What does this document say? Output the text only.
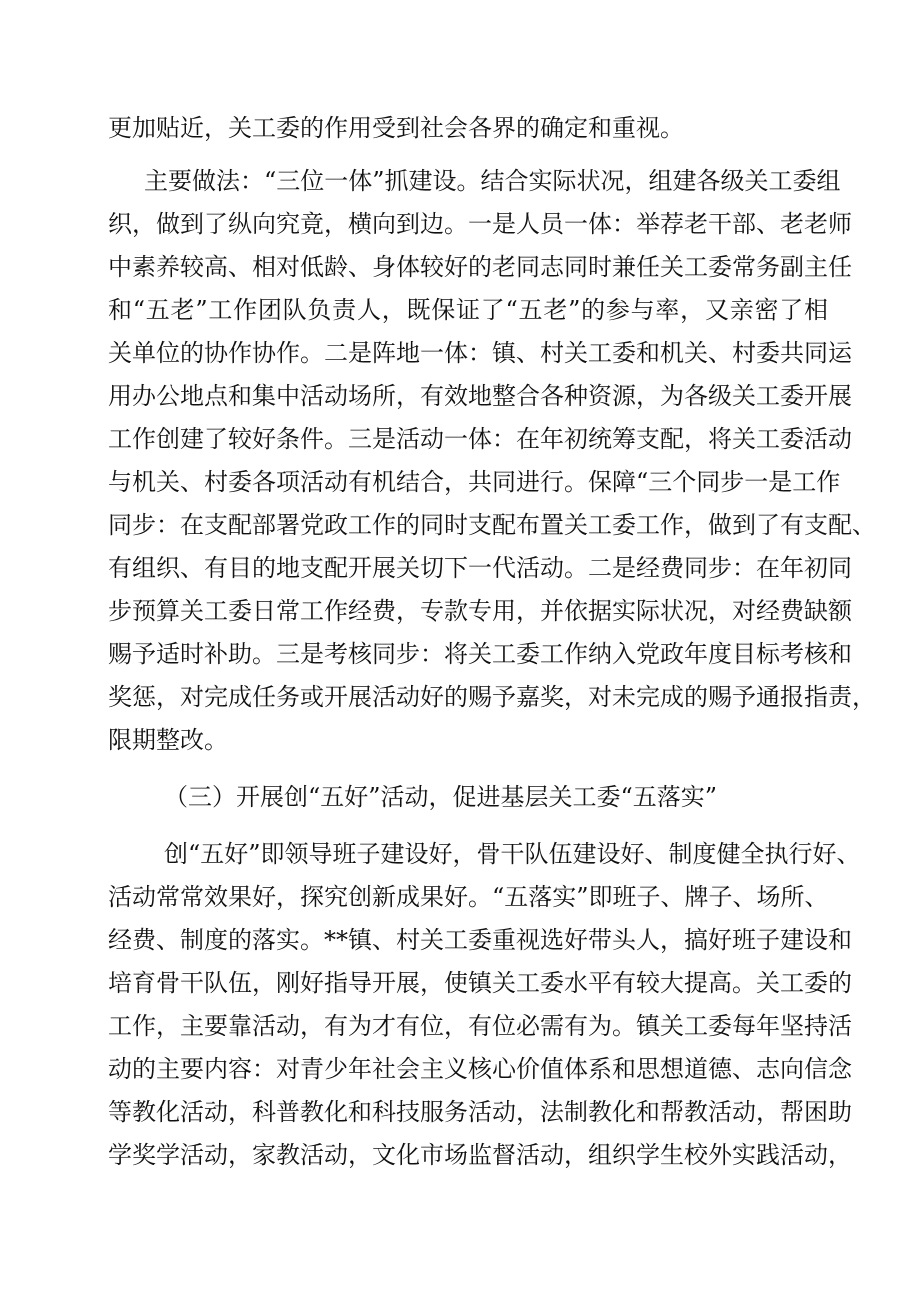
更加贴近，关工委的作用受到社会各界的确定和重视。
主要做法：“三位一体”抓建设。结合实际状况，组建各级关工委组
织，做到了纵向究竟，横向到边。一是人员一体：举荐老干部、老老师
中素养较高、相对低龄、身体较好的老同志同时兼任关工委常务副主任
和“五老”工作团队负责人，既保证了“五老”的参与率，又亲密了相
关单位的协作协作。二是阵地一体：镇、村关工委和机关、村委共同运
用办公地点和集中活动场所，有效地整合各种资源，为各级关工委开展
工作创建了较好条件。三是活动一体：在年初统筹支配，将关工委活动
与机关、村委各项活动有机结合，共同进行。保障“三个同步一是工作
同步：在支配部署党政工作的同时支配布置关工委工作，做到了有支配、
有组织、有目的地支配开展关切下一代活动。二是经费同步：在年初同
步预算关工委日常工作经费，专款专用，并依据实际状况，对经费缺额
赐予适时补助。三是考核同步：将关工委工作纳入党政年度目标考核和
奖惩，对完成任务或开展活动好的赐予嘉奖，对未完成的赐予通报指责，
限期整改。
（三）开展创“五好”活动，促进基层关工委“五落实”
创“五好”即领导班子建设好，骨干队伍建设好、制度健全执行好、
活动常常效果好，探究创新成果好。“五落实”即班子、牌子、场所、
经费、制度的落实。**镇、村关工委重视选好带头人，搞好班子建设和
培育骨干队伍，刚好指导开展，使镇关工委水平有较大提高。关工委的
工作，主要靠活动，有为才有位，有位必需有为。镇关工委每年坚持活
动的主要内容：对青少年社会主义核心价值体系和思想道德、志向信念
等教化活动，科普教化和科技服务活动，法制教化和帮教活动，帮困助
学奖学活动，家教活动，文化市场监督活动，组织学生校外实践活动，
